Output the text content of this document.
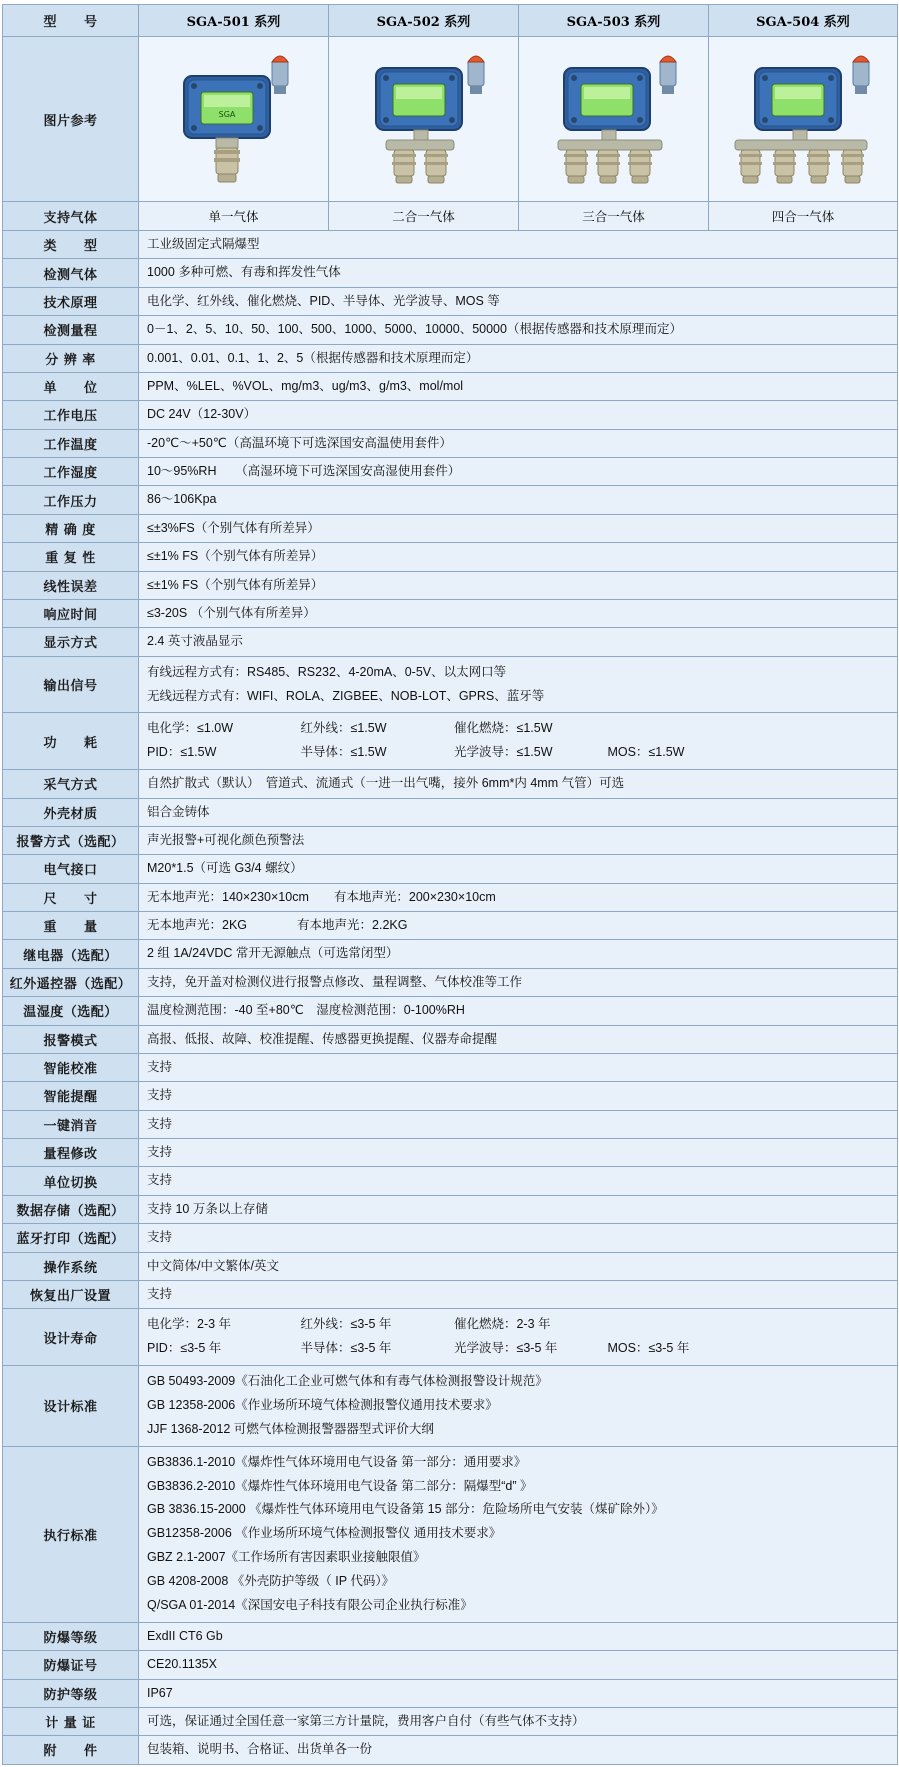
型　　号	SGA-501 系列	SGA-502 系列	SGA-503 系列	SGA-504 系列
图片参考	SGA

支持气体	单一气体	二合一气体	三合一气体	四合一气体
类　　型	工业级固定式隔爆型			
检测气体	1000 多种可燃、有毒和挥发性气体			
技术原理	电化学、红外线、催化燃烧、PID、半导体、光学波导、MOS 等			
检测量程	0－1、2、5、10、50、100、500、1000、5000、10000、50000（根据传感器和技术原理而定）			
分 辨 率	0.001、0.01、0.1、1、2、5（根据传感器和技术原理而定）			
单　　位	PPM、%LEL、%VOL、mg/m3、ug/m3、g/m3、mol/mol			
工作电压	DC 24V（12-30V）			
工作温度	-20℃～+50℃（高温环境下可选深国安高温使用套件）			
工作湿度	10～95%RH　　（高湿环境下可选深国安高湿使用套件）			
工作压力	86～106Kpa			
精 确 度	≤±3%FS（个别气体有所差异）			
重 复 性	≤±1% FS（个别气体有所差异）			
线性误差	≤±1% FS（个别气体有所差异）			
响应时间	≤3-20S （个别气体有所差异）			
显示方式	2.4 英寸液晶显示			
输出信号	有线远程方式有：RS485、RS232、4-20mA、0-5V、以太网口等
无线远程方式有：WIFI、ROLA、ZIGBEE、NOB-LOT、GPRS、蓝牙等			

功　　耗	电化学：≤1.0W 红外线：≤1.5W 催化燃烧：≤1.5W
PID：≤1.5W 半导体：≤1.5W 光学波导：≤1.5W MOS：≤1.5W			

采气方式	自然扩散式（默认）　管道式、流通式（一进一出气嘴，接外 6mm*内 4mm 气管）可选			
外壳材质	铝合金铸体			
报警方式（选配）	声光报警+可视化颜色预警法			
电气接口	M20*1.5（可选 G3/4 螺纹）			
尺　　寸	无本地声光：140×230×10cm　　有本地声光：200×230×10cm			
重　　量	无本地声光：2KG　　　　有本地声光：2.2KG			
继电器（选配）	2 组 1A/24VDC 常开无源触点（可选常闭型）			
红外遥控器（选配）	支持，免开盖对检测仪进行报警点修改、量程调整、气体校准等工作			
温湿度（选配）	温度检测范围：-40 至+80℃　湿度检测范围：0-100%RH			
报警模式	高报、低报、故障、校准提醒、传感器更换提醒、仪器寿命提醒			
智能校准	支持			
智能提醒	支持			
一键消音	支持			
量程修改	支持			
单位切换	支持			
数据存储（选配）	支持 10 万条以上存储			
蓝牙打印（选配）	支持			
操作系统	中文简体/中文繁体/英文			
恢复出厂设置	支持			
设计寿命	电化学：2-3 年 红外线：≤3-5 年 催化燃烧：2-3 年
PID：≤3-5 年 半导体：≤3-5 年 光学波导：≤3-5 年 MOS：≤3-5 年			

设计标准	GB 50493-2009《石油化工企业可燃气体和有毒气体检测报警设计规范》
GB 12358-2006《作业场所环境气体检测报警仪通用技术要求》
JJF 1368-2012 可燃气体检测报警器器型式评价大纲			

执行标准	
GB3836.1-2010《爆炸性气体环境用电气设备 第一部分：通用要求》
GB3836.2-2010《爆炸性气体环境用电气设备 第二部分：隔爆型“d” 》
GB 3836.15-2000 《爆炸性气体环境用电气设备第 15 部分：危险场所电气安装（煤矿除外）》
GB12358-2006 《作业场所环境气体检测报警仪 通用技术要求》
GBZ 2.1-2007《工作场所有害因素职业接触限值》
GB 4208-2008 《外壳防护等级（ IP 代码）》
Q/SGA 01-2014《深国安电子科技有限公司企业执行标准》

防爆等级	ExdII CT6 Gb			
防爆证号	CE20.1135X			
防护等级	IP67			
计 量 证	可选，保证通过全国任意一家第三方计量院，费用客户自付（有些气体不支持）			
附　　件	包装箱、说明书、合格证、出货单各一份			
